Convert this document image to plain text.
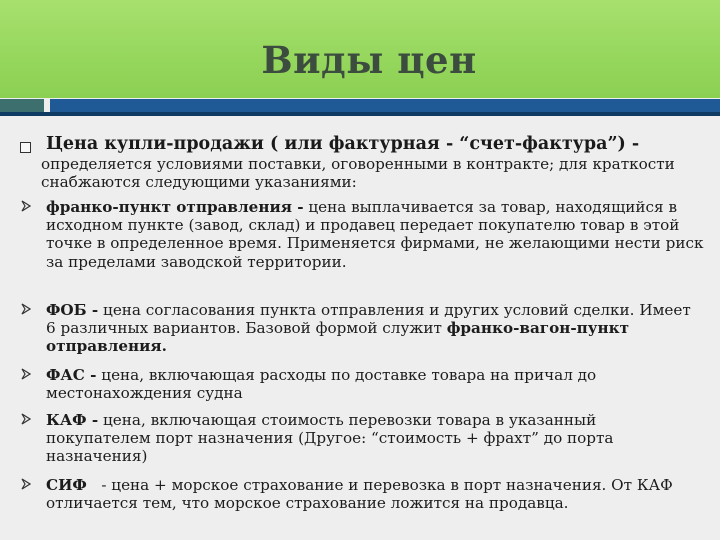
Виды цен
Цена купли-продажи ( или фактурная - “счет-фактура”) -
определяется условиями поставки, оговоренными в контракте; для краткости снабжаются следующими указаниями:
франко-пункт отправления - цена выплачивается за товар, находящийся в исходном пункте (завод, склад) и продавец передает покупателю товар в этой точке в определенное время. Применяется фирмами, не желающими нести риск за пределами заводской территории.
ФОБ - цена согласования пункта отправления и других условий сделки. Имеет 6 различных вариантов. Базовой формой служит франко-вагон-пункт отправления.
ФАС - цена, включающая расходы по доставке товара на причал до местонахождения судна
КАФ - цена, включающая стоимость перевозки товара в указанный покупателем порт назначения (Другое: “стоимость + фрахт” до порта назначения)
СИФ   - цена + морское страхование и перевозка в порт назначения. От КАФ отличается тем, что морское страхование ложится на продавца.
